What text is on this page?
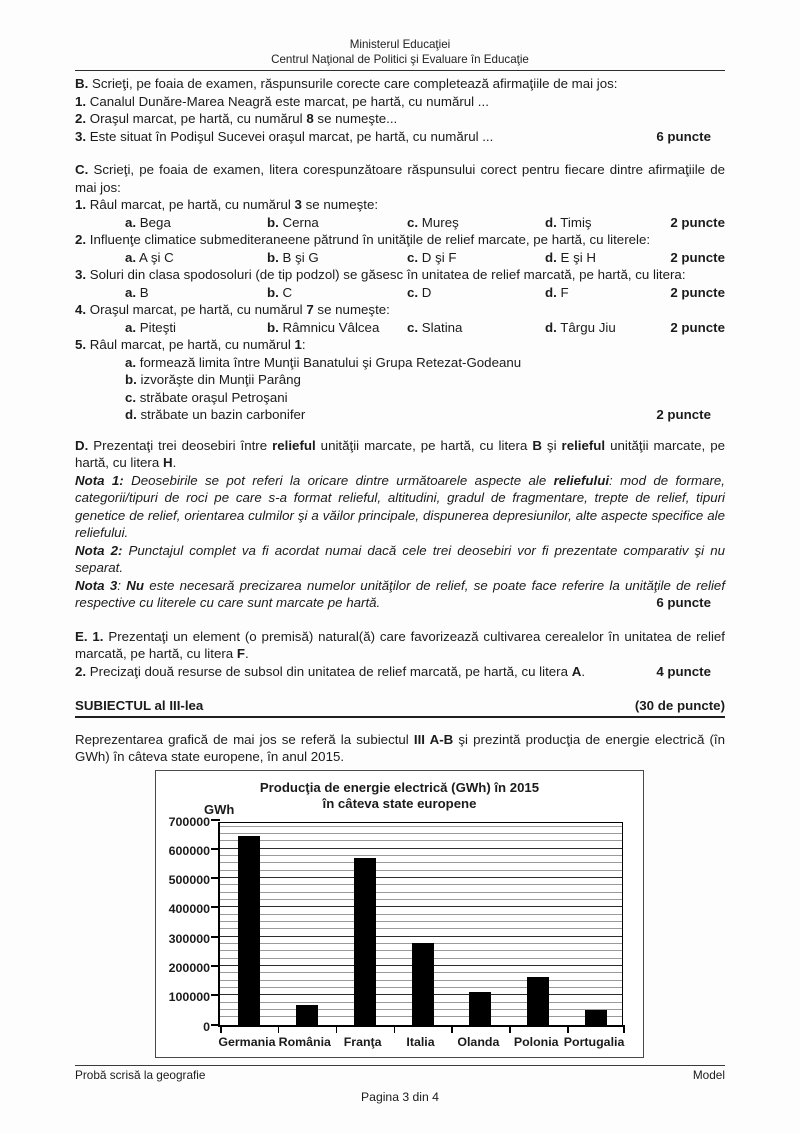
Ministerul Educaţiei
Centrul Naţional de Politici şi Evaluare în Educaţie

B. Scrieţi, pe foaia de examen, răspunsurile corecte care completează afirmaţiile de mai jos:

1. Canalul Dunăre-Marea Neagră este marcat, pe hartă, cu numărul ...

2. Oraşul marcat, pe hartă, cu numărul 8 se numeşte...

3. Este situat în Podişul Sucevei oraşul marcat, pe hartă, cu numărul ...	6 puncte

C. Scrieţi, pe foaia de examen, litera corespunzătoare răspunsului corect pentru fiecare dintre afirmaţiile de mai jos:

1. Râul marcat, pe hartă, cu numărul 3 se numeşte:

a. Bega	b. Cerna	c. Mureş	d. Timiş	2 puncte

2. Influenţe climatice submediteraneene pătrund în unităţile de relief marcate, pe hartă, cu literele:

a. A şi C	b. B şi G	c. D şi F	d. E şi H	2 puncte

3. Soluri din clasa spodosoluri (de tip podzol) se găsesc în unitatea de relief marcată, pe hartă, cu litera:

a. B	b. C	c. D	d. F	2 puncte

4. Oraşul marcat, pe hartă, cu numărul 7 se numeşte:

a. Piteşti	b. Râmnicu Vâlcea	c. Slatina	d. Târgu Jiu	2 puncte

5. Râul marcat, pe hartă, cu numărul 1:

a. formează limita între Munţii Banatului şi Grupa Retezat-Godeanu

b. izvorăşte din Munţii Parâng

c. străbate oraşul Petroşani

d. străbate un bazin carbonifer	2 puncte

D. Prezentaţi trei deosebiri între relieful unităţii marcate, pe hartă, cu litera B şi relieful unităţii marcate, pe hartă, cu litera H.

Nota 1: Deosebirile se pot referi la oricare dintre următoarele aspecte ale reliefului: mod de formare, categorii/tipuri de roci pe care s-a format relieful, altitudini, gradul de fragmentare, trepte de relief, tipuri genetice de relief, orientarea culmilor şi a văilor principale, dispunerea depresiunilor, alte aspecte specifice ale reliefului.

Nota 2: Punctajul complet va fi acordat numai dacă cele trei deosebiri vor fi prezentate comparativ şi nu separat.

Nota 3: Nu este necesară precizarea numelor unităţilor de relief, se poate face referire la unităţile de relief respective cu literele cu care sunt marcate pe hartă.	6 puncte

E. 1. Prezentaţi un element (o premisă) natural(ă) care favorizează cultivarea cerealelor în unitatea de relief marcată, pe hartă, cu litera F.

2. Precizaţi două resurse de subsol din unitatea de relief marcată, pe hartă, cu litera A.	4 puncte

SUBIECTUL al III-lea	(30 de puncte)

Reprezentarea grafică de mai jos se referă la subiectul III A-B şi prezintă producţia de energie electrică (în GWh) în câteva state europene, în anul 2015.

Producţia de energie electrică (GWh) în 2015
în câteva state europene
GWh
0
100000
200000
300000
400000
500000
600000
700000
Germania România Franţa Italia Olanda Polonia Portugalia
Probă scrisă la geografie	Model
Pagina 3 din 4
